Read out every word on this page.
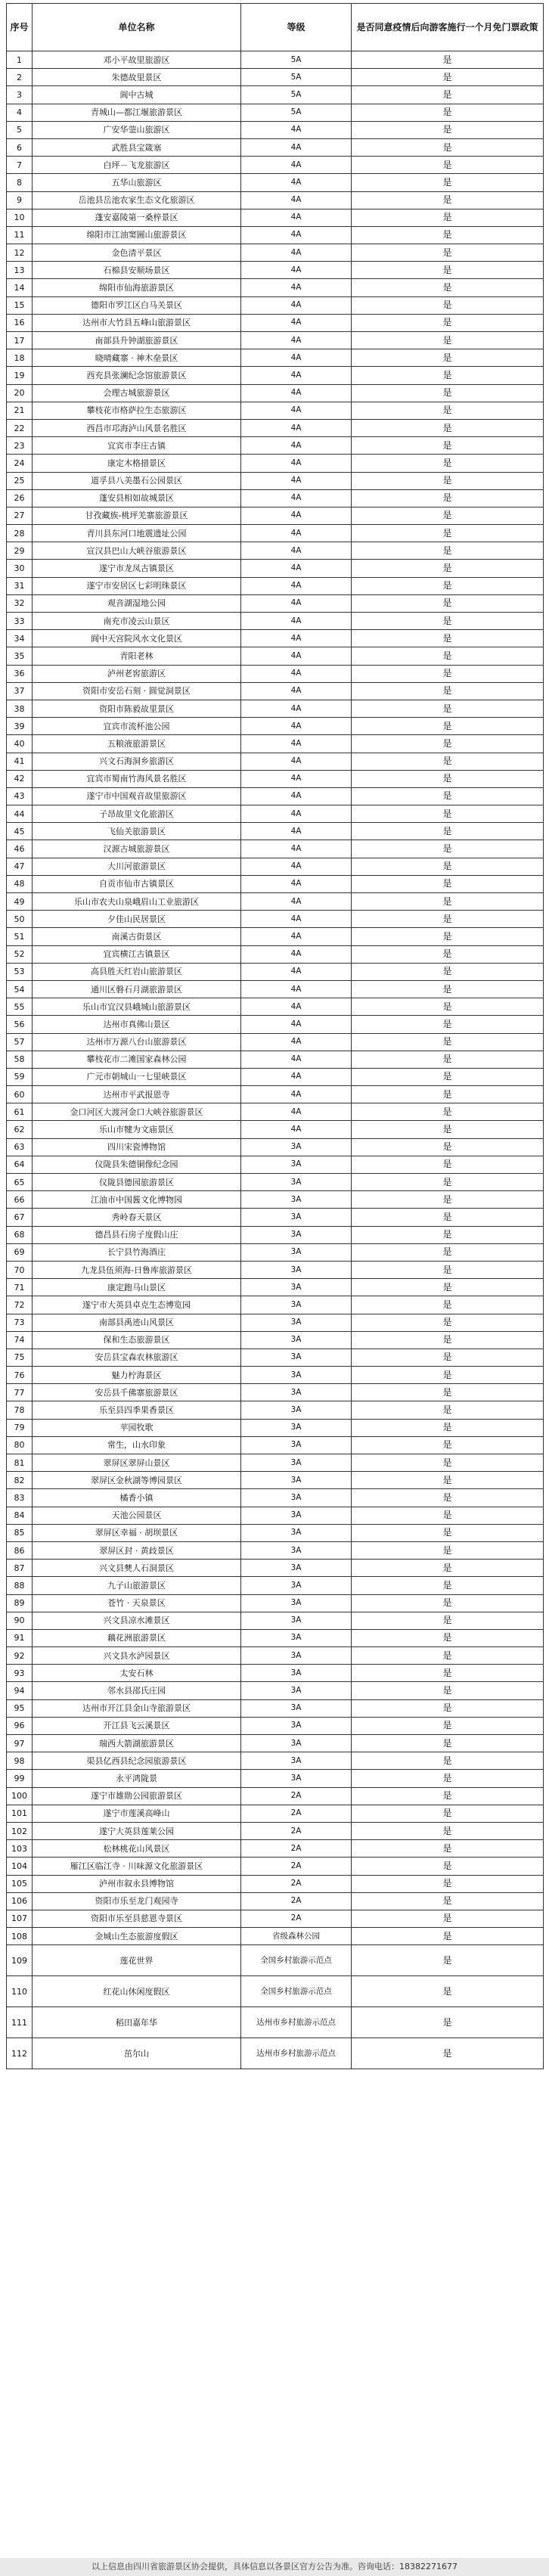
序号	单位名称	等级	是否同意疫情后向游客施行一个月免门票政策
1	邓小平故里旅游区	5A	是
2	朱德故里景区	5A	是
3	阆中古城	5A	是
4	青城山—都江堰旅游景区	5A	是
5	广安华蓥山旅游区	4A	是
6	武胜县宝箴塞	4A	是
7	白坪－飞龙旅游区	4A	是
8	五华山旅游区	4A	是
9	岳池县岳池农家生态文化旅游区	4A	是
10	蓬安嘉陵第一桑梓景区	4A	是
11	绵阳市江油窦圌山旅游景区	4A	是
12	金色清平景区	4A	是
13	石棉县安顺场景区	4A	是
14	绵阳市仙海旅游景区	4A	是
15	德阳市罗江区白马关景区	4A	是
16	达州市大竹县五峰山旅游景区	4A	是
17	南部县升钟湖旅游景区	4A	是
18	晓晴藏寨 · 神木垒景区	4A	是
19	西充县张澜纪念馆旅游景区	4A	是
20	会理古城旅游景区	4A	是
21	攀枝花市格萨拉生态旅游区	4A	是
22	西昌市邛海泸山风景名胜区	4A	是
23	宜宾市李庄古镇	4A	是
24	康定木格措景区	4A	是
25	道孚县八美墨石公园景区	4A	是
26	蓬安县相如故城景区	4A	是
27	甘孜藏族-桃坪羌寨旅游景区	4A	是
28	青川县东河口地震遗址公园	4A	是
29	宣汉县巴山大峡谷旅游景区	4A	是
30	遂宁市龙凤古镇景区	4A	是
31	遂宁市安居区七彩明珠景区	4A	是
32	观音湖湿地公园	4A	是
33	南充市凌云山景区	4A	是
34	阆中天宫院风水文化景区	4A	是
35	青阳老林	4A	是
36	泸州老窖旅游区	4A	是
37	资阳市安岳石刻 · 圆觉洞景区	4A	是
38	资阳市陈毅故里景区	4A	是
39	宜宾市流杯池公园	4A	是
40	五粮液旅游景区	4A	是
41	兴文石海洞乡旅游区	4A	是
42	宜宾市蜀南竹海风景名胜区	4A	是
43	遂宁市中国观音故里旅游区	4A	是
44	子昂故里文化旅游区	4A	是
45	飞仙关旅游景区	4A	是
46	汉源古城旅游景区	4A	是
47	大川河旅游景区	4A	是
48	自贡市仙市古镇景区	4A	是
49	乐山市农夫山泉峨眉山工业旅游区	4A	是
50	夕佳山民居景区	4A	是
51	南溪古街景区	4A	是
52	宜宾横江古镇景区	4A	是
53	高县胜天红岩山旅游景区	4A	是
54	通川区磐石月湖旅游景区	4A	是
55	乐山市宜汉县峨城山旅游景区	4A	是
56	达州市真佛山景区	4A	是
57	达州市万源八台山旅游景区	4A	是
58	攀枝花市二滩国家森林公园	4A	是
59	广元市朝城山一七里峡景区	4A	是
60	达州市平武报恩寺	4A	是
61	金口河区大渡河金口大峡谷旅游景区	4A	是
62	乐山市犍为文庙景区	4A	是
63	四川宋瓷博物馆	3A	是
64	仪陇县朱德铜像纪念园	3A	是
65	仪陇县德园旅游景区	3A	是
66	江油市中国酱文化博物园	3A	是
67	秀岭春天景区	3A	是
68	德昌县石房子度假山庄	3A	是
69	长宁县竹海酒庄	3A	是
70	九龙县伍须海-日鲁库旅游景区	3A	是
71	康定跑马山景区	3A	是
72	遂宁市大英县卓克生态博览园	3A	是
73	南部县禹迹山风景区	3A	是
74	保和生态旅游景区	3A	是
75	安岳县宝森农林旅游区	3A	是
76	魅力柠海景区	3A	是
77	安岳县千佛寨旅游景区	3A	是
78	乐至县四季果香景区	3A	是
79	苹园牧歌	3A	是
80	常生，山水印象	3A	是
81	翠屏区翠屏山景区	3A	是
82	翠屏区金秋湖等博园景区	3A	是
83	橘香小镇	3A	是
84	天池公园景区	3A	是
85	翠屏区幸福 · 胡坝景区	3A	是
86	翠屏区封 · 黄歧景区	3A	是
87	兴文县僰人石洞景区	3A	是
88	九子山旅游景区	3A	是
89	苍竹 · 天泉景区	3A	是
90	兴文县凉水滩景区	3A	是
91	藕花洲旅游景区	3A	是
92	兴文县水泸园景区	3A	是
93	太安石林	3A	是
94	邻水县邵氏庄园	3A	是
95	达州市开江县金山寺旅游景区	3A	是
96	开江县飞云溪景区	3A	是
97	瑞西大箭湖旅游景区	3A	是
98	渠县亿西县纪念园旅游景区	3A	是
99	永平鸿陇景	3A	是
100	遂宁市雄勋公园旅游景区	2A	是
101	遂宁市莲溪高峰山	2A	是
102	遂宁大英县莲莱公园	2A	是
103	松林桃花山风景区	2A	是
104	雁江区临江寺 · 川味源文化旅游景区	2A	是
105	泸州市叙永县博物馆	2A	是
106	资阳市乐至龙门观园寺	2A	是
107	资阳市乐至县慈恩寺景区	2A	是
108	金城山生态旅游度假区	省级森林公园	是
109	莲花世界	全国乡村旅游示范点	是
110	红花山休闲度假区	全国乡村旅游示范点	是
111	稻田嘉年华	达州市乡村旅游示范点	是
112	茁尔山	达州市乡村旅游示范点	是
以上信息由四川省旅游景区协会提供，具体信息以各景区官方公告为准。咨询电话：18382271677
